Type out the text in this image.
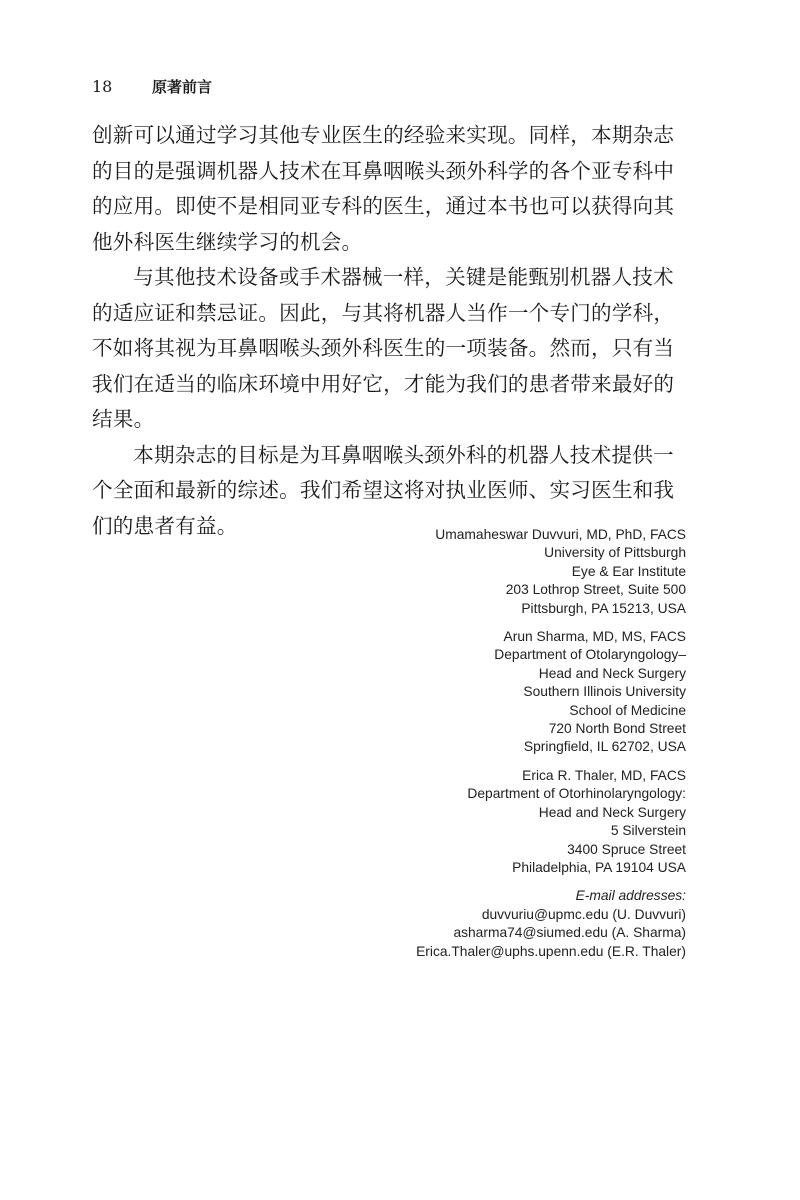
18	原著前言

创新可以通过学习其他专业医生的经验来实现。同样，本期杂志的目的是强调机器人技术在耳鼻咽喉头颈外科学的各个亚专科中的应用。即使不是相同亚专科的医生，通过本书也可以获得向其他外科医生继续学习的机会。

与其他技术设备或手术器械一样，关键是能甄别机器人技术的适应证和禁忌证。因此，与其将机器人当作一个专门的学科，不如将其视为耳鼻咽喉头颈外科医生的一项装备。然而，只有当我们在适当的临床环境中用好它，才能为我们的患者带来最好的结果。

本期杂志的目标是为耳鼻咽喉头颈外科的机器人技术提供一个全面和最新的综述。我们希望这将对执业医师、实习医生和我们的患者有益。	Umamaheswar Duvvuri, MD, PhD, FACS
University of Pittsburgh
Eye & Ear Institute
203 Lothrop Street, Suite 500
Pittsburgh, PA 15213, USA
Arun Sharma, MD, MS, FACS
Department of Otolaryngology–
Head and Neck Surgery
Southern Illinois University
School of Medicine
720 North Bond Street
Springfield, IL 62702, USA
Erica R. Thaler, MD, FACS
Department of Otorhinolaryngology:
Head and Neck Surgery
5 Silverstein
3400 Spruce Street
Philadelphia, PA 19104 USA
E-mail addresses:
duvvuriu@upmc.edu (U. Duvvuri)
asharma74@siumed.edu (A. Sharma)
Erica.Thaler@uphs.upenn.edu (E.R. Thaler)
